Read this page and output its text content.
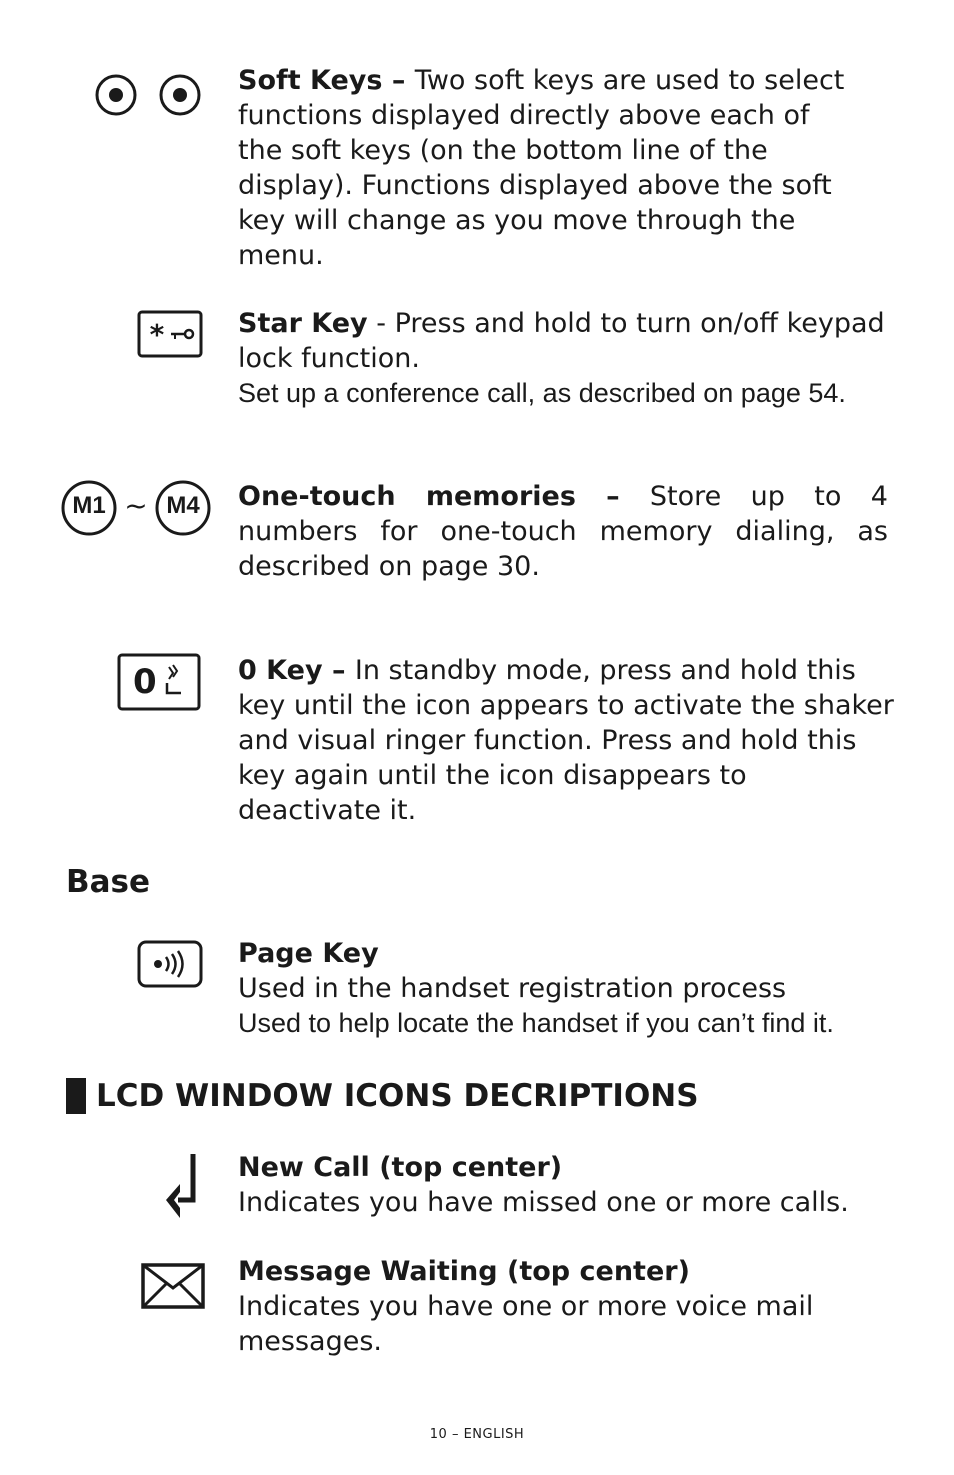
Soft Keys – Two soft keys are used to select functions displayed directly above each of the soft keys (on the bottom line of the display). Functions displayed above the soft key will change as you move through the menu.
*	Star Key - Press and hold to turn on/off keypad lock function.
Set up a conference call, as described on page 54.
M1 ~ M4	One-touch memories – Store up to 4 numbers for one-touch memory dialing, as described on page 30.
0	0 Key – In standby mode, press and hold this key until the icon appears to activate the shaker and visual ringer function. Press and hold this key again until the icon disappears to deactivate it.
Base
Page Key
Used in the handset registration process
Used to help locate the handset if you can’t find it.
LCD WINDOW ICONS DECRIPTIONS
New Call (top center)
Indicates you have missed one or more calls.
Message Waiting (top center)
Indicates you have one or more voice mail messages.
10 – ENGLISH
